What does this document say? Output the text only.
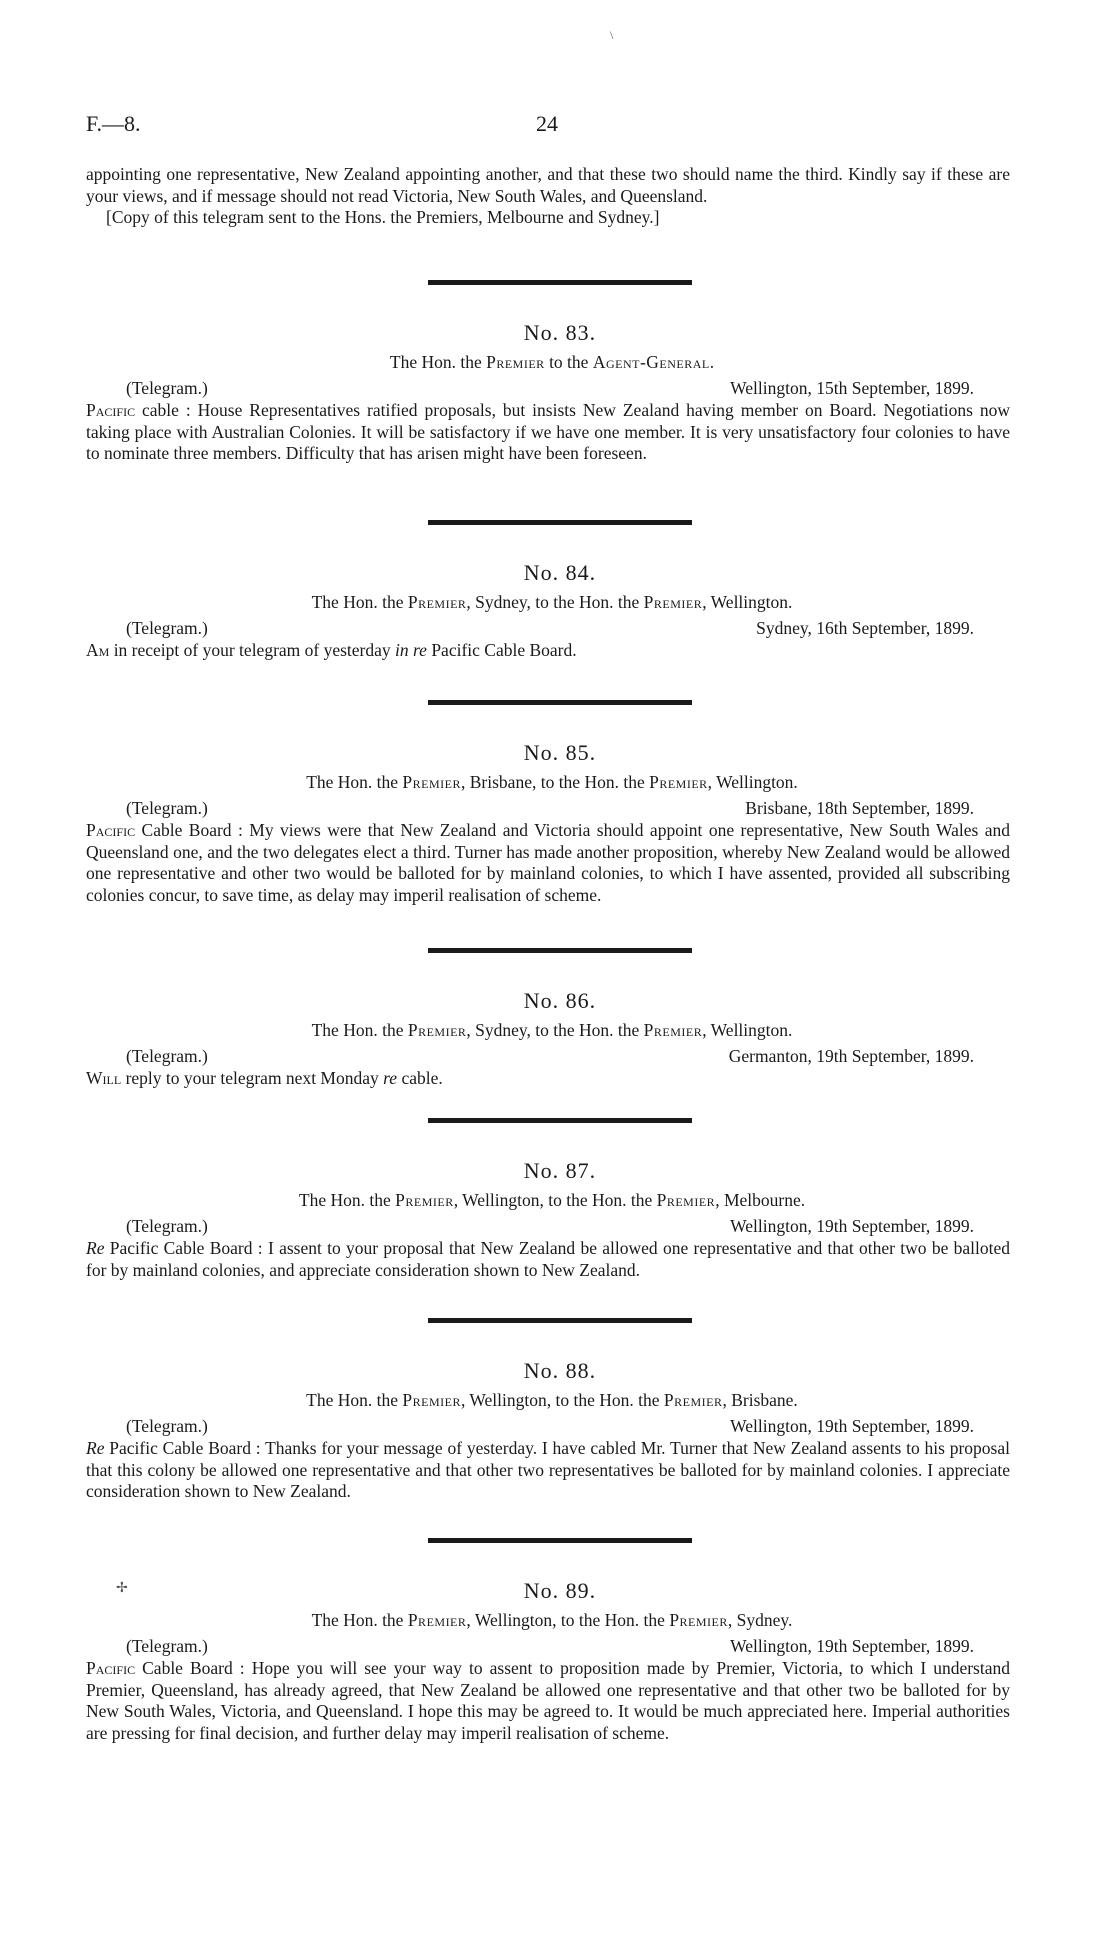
F.—8.	24

appointing one representative, New Zealand appointing another, and that these two should name the third. Kindly say if these are your views, and if message should not read Victoria, New South Wales, and Queensland.

[Copy of this telegram sent to the Hons. the Premiers, Melbourne and Sydney.]

No. 83.
The Hon. the Premier to the Agent-General.
(Telegram.)	Wellington, 15th September, 1899.

Pacific cable : House Representatives ratified proposals, but insists New Zealand having member on Board. Negotiations now taking place with Australian Colonies. It will be satisfactory if we have one member. It is very unsatisfactory four colonies to have to nominate three members. Difficulty that has arisen might have been foreseen.

No. 84.
The Hon. the Premier, Sydney, to the Hon. the Premier, Wellington.
(Telegram.)	Sydney, 16th September, 1899.

Am in receipt of your telegram of yesterday in re Pacific Cable Board.

No. 85.
The Hon. the Premier, Brisbane, to the Hon. the Premier, Wellington.
(Telegram.)	Brisbane, 18th September, 1899.

Pacific Cable Board : My views were that New Zealand and Victoria should appoint one representative, New South Wales and Queensland one, and the two delegates elect a third. Turner has made another proposition, whereby New Zealand would be allowed one representative and other two would be balloted for by mainland colonies, to which I have assented, provided all subscribing colonies concur, to save time, as delay may imperil realisation of scheme.

No. 86.
The Hon. the Premier, Sydney, to the Hon. the Premier, Wellington.
(Telegram.)	Germanton, 19th September, 1899.

Will reply to your telegram next Monday re cable.

No. 87.
The Hon. the Premier, Wellington, to the Hon. the Premier, Melbourne.
(Telegram.)	Wellington, 19th September, 1899.

Re Pacific Cable Board : I assent to your proposal that New Zealand be allowed one representative and that other two be balloted for by mainland colonies, and appreciate consideration shown to New Zealand.

No. 88.
The Hon. the Premier, Wellington, to the Hon. the Premier, Brisbane.
(Telegram.)	Wellington, 19th September, 1899.

Re Pacific Cable Board : Thanks for your message of yesterday. I have cabled Mr. Turner that New Zealand assents to his proposal that this colony be allowed one representative and that other two representatives be balloted for by mainland colonies. I appreciate consideration shown to New Zealand.

No. 89.
The Hon. the Premier, Wellington, to the Hon. the Premier, Sydney.
(Telegram.)	Wellington, 19th September, 1899.

Pacific Cable Board : Hope you will see your way to assent to proposition made by Premier, Victoria, to which I understand Premier, Queensland, has already agreed, that New Zealand be allowed one representative and that other two be balloted for by New South Wales, Victoria, and Queensland. I hope this may be agreed to. It would be much appreciated here. Imperial authorities are pressing for final decision, and further delay may imperil realisation of scheme.

\
✢
